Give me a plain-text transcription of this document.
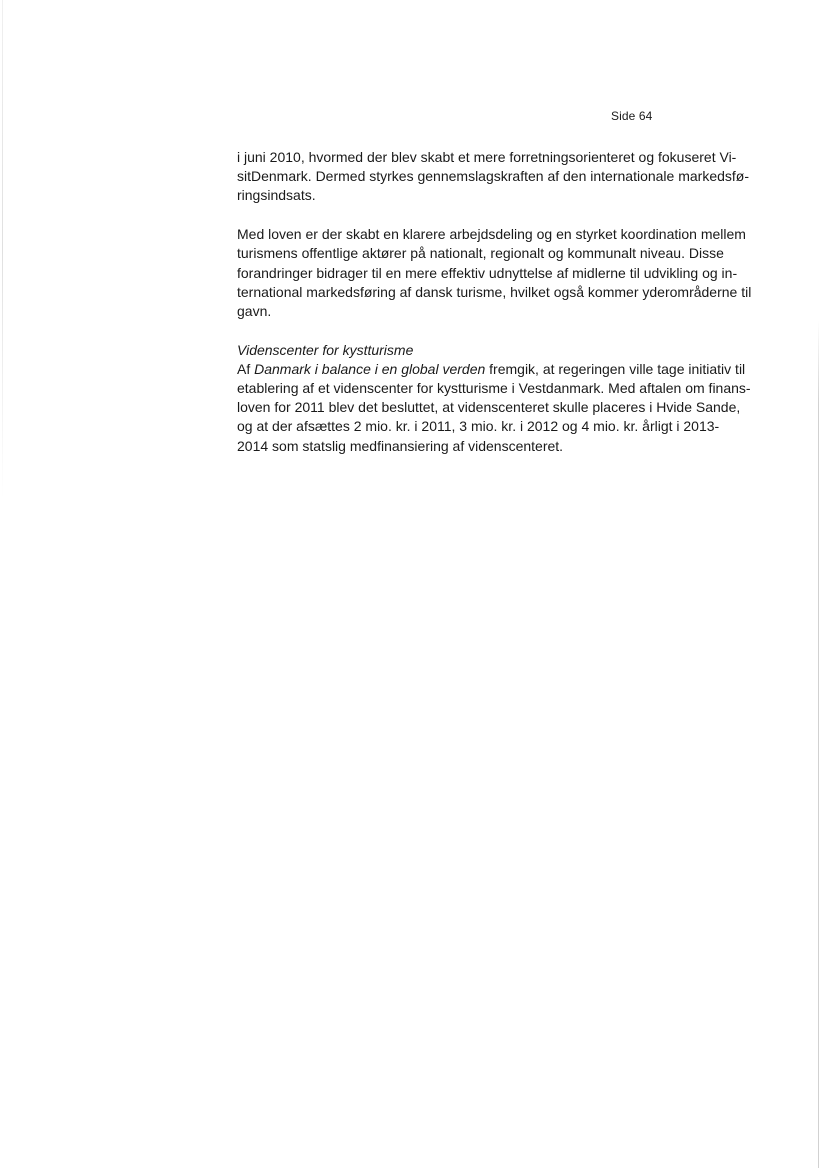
Side 64
i juni 2010, hvormed der blev skabt et mere forretningsorienteret og fokuseret Vi-
sitDenmark. Dermed styrkes gennemslagskraften af den internationale markedsfø-
ringsindsats.
Med loven er der skabt en klarere arbejdsdeling og en styrket koordination mellem
turismens offentlige aktører på nationalt, regionalt og kommunalt niveau. Disse
forandringer bidrager til en mere effektiv udnyttelse af midlerne til udvikling og in-
ternational markedsføring af dansk turisme, hvilket også kommer yderområderne til
gavn.
Videnscenter for kystturisme
Af Danmark i balance i en global verden fremgik, at regeringen ville tage initiativ til
etablering af et videnscenter for kystturisme i Vestdanmark. Med aftalen om finans-
loven for 2011 blev det besluttet, at videnscenteret skulle placeres i Hvide Sande,
og at der afsættes 2 mio. kr. i 2011, 3 mio. kr. i 2012 og 4 mio. kr. årligt i 2013-
2014 som statslig medfinansiering af videnscenteret.
